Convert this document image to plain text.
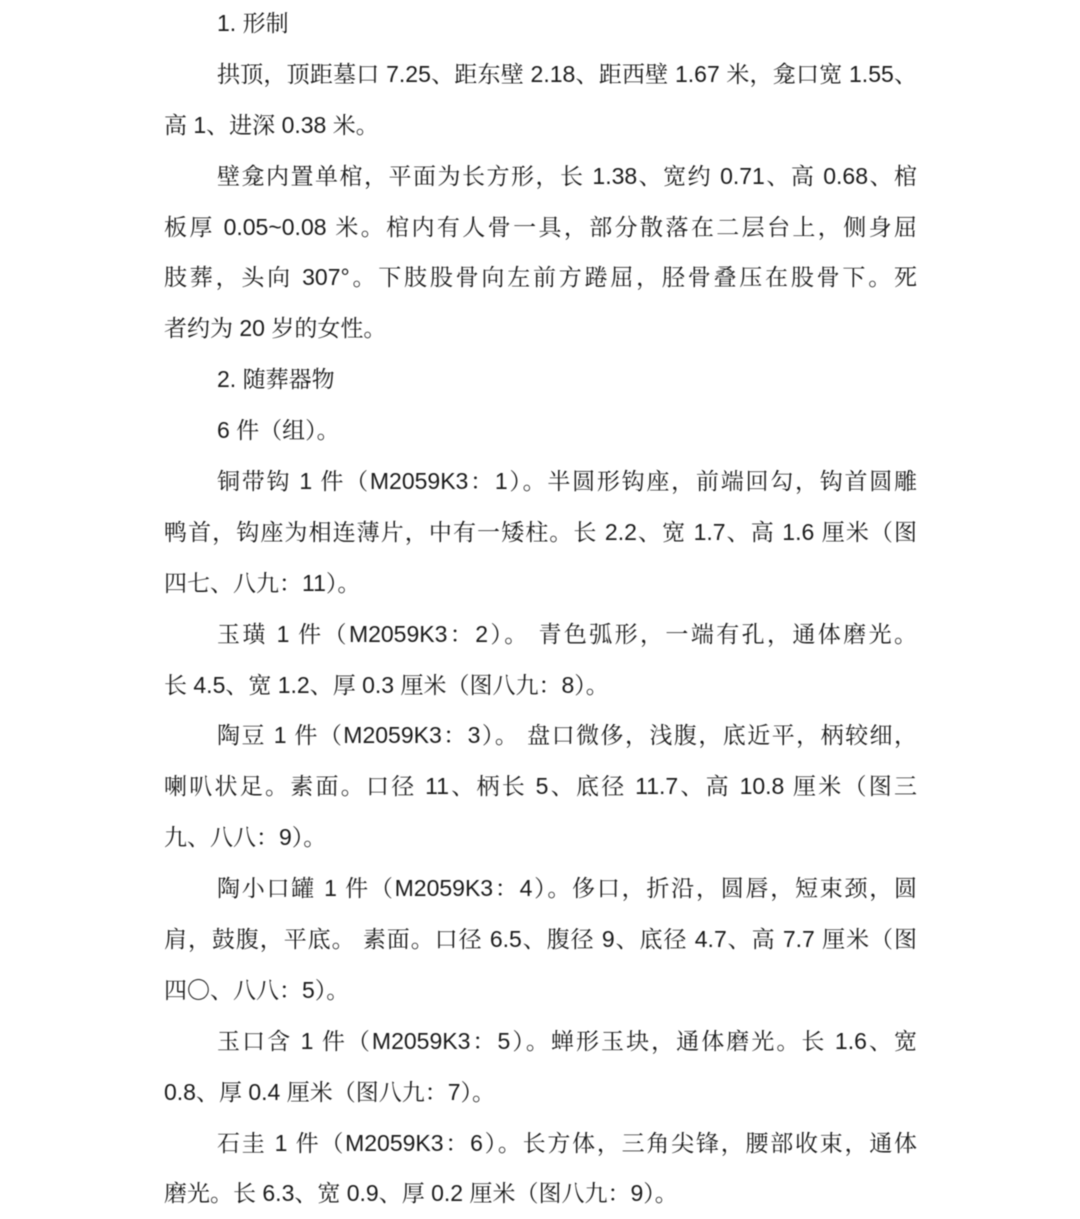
1. 形制
拱顶，顶距墓口 7.25、距东壁 2.18、距西壁 1.67 米，龛口宽 1.55、
高 1、进深 0.38 米。
壁龛内置单棺，平面为长方形，长 1.38、宽约 0.71、高 0.68、棺
板厚 0.05~0.08 米。棺内有人骨一具，部分散落在二层台上，侧身屈
肢葬，头向 307°。下肢股骨向左前方踡屈，胫骨叠压在股骨下。死
者约为 20 岁的女性。
2. 随葬器物
6 件（组）。
铜带钩 1 件（M2059K3：1）。半圆形钩座，前端回勾，钩首圆雕
鸭首，钩座为相连薄片，中有一矮柱。长 2.2、宽 1.7、高 1.6 厘米（图
四七、八九：11）。
玉璜 1 件（M2059K3：2）。 青色弧形，一端有孔，通体磨光。
长 4.5、宽 1.2、厚 0.3 厘米（图八九：8）。
陶豆 1 件（M2059K3：3）。 盘口微侈，浅腹，底近平，柄较细，
喇叭状足。素面。口径 11、柄长 5、底径 11.7、高 10.8 厘米（图三
九、八八：9）。
陶小口罐 1 件（M2059K3：4）。侈口，折沿，圆唇，短束颈，圆
肩，鼓腹，平底。 素面。口径 6.5、腹径 9、底径 4.7、高 7.7 厘米（图
四〇、八八：5）。
玉口含 1 件（M2059K3：5）。蝉形玉块，通体磨光。长 1.6、宽
0.8、厚 0.4 厘米（图八九：7）。
石圭 1 件（M2059K3：6）。长方体，三角尖锋，腰部收束，通体
磨光。长 6.3、宽 0.9、厚 0.2 厘米（图八九：9）。
